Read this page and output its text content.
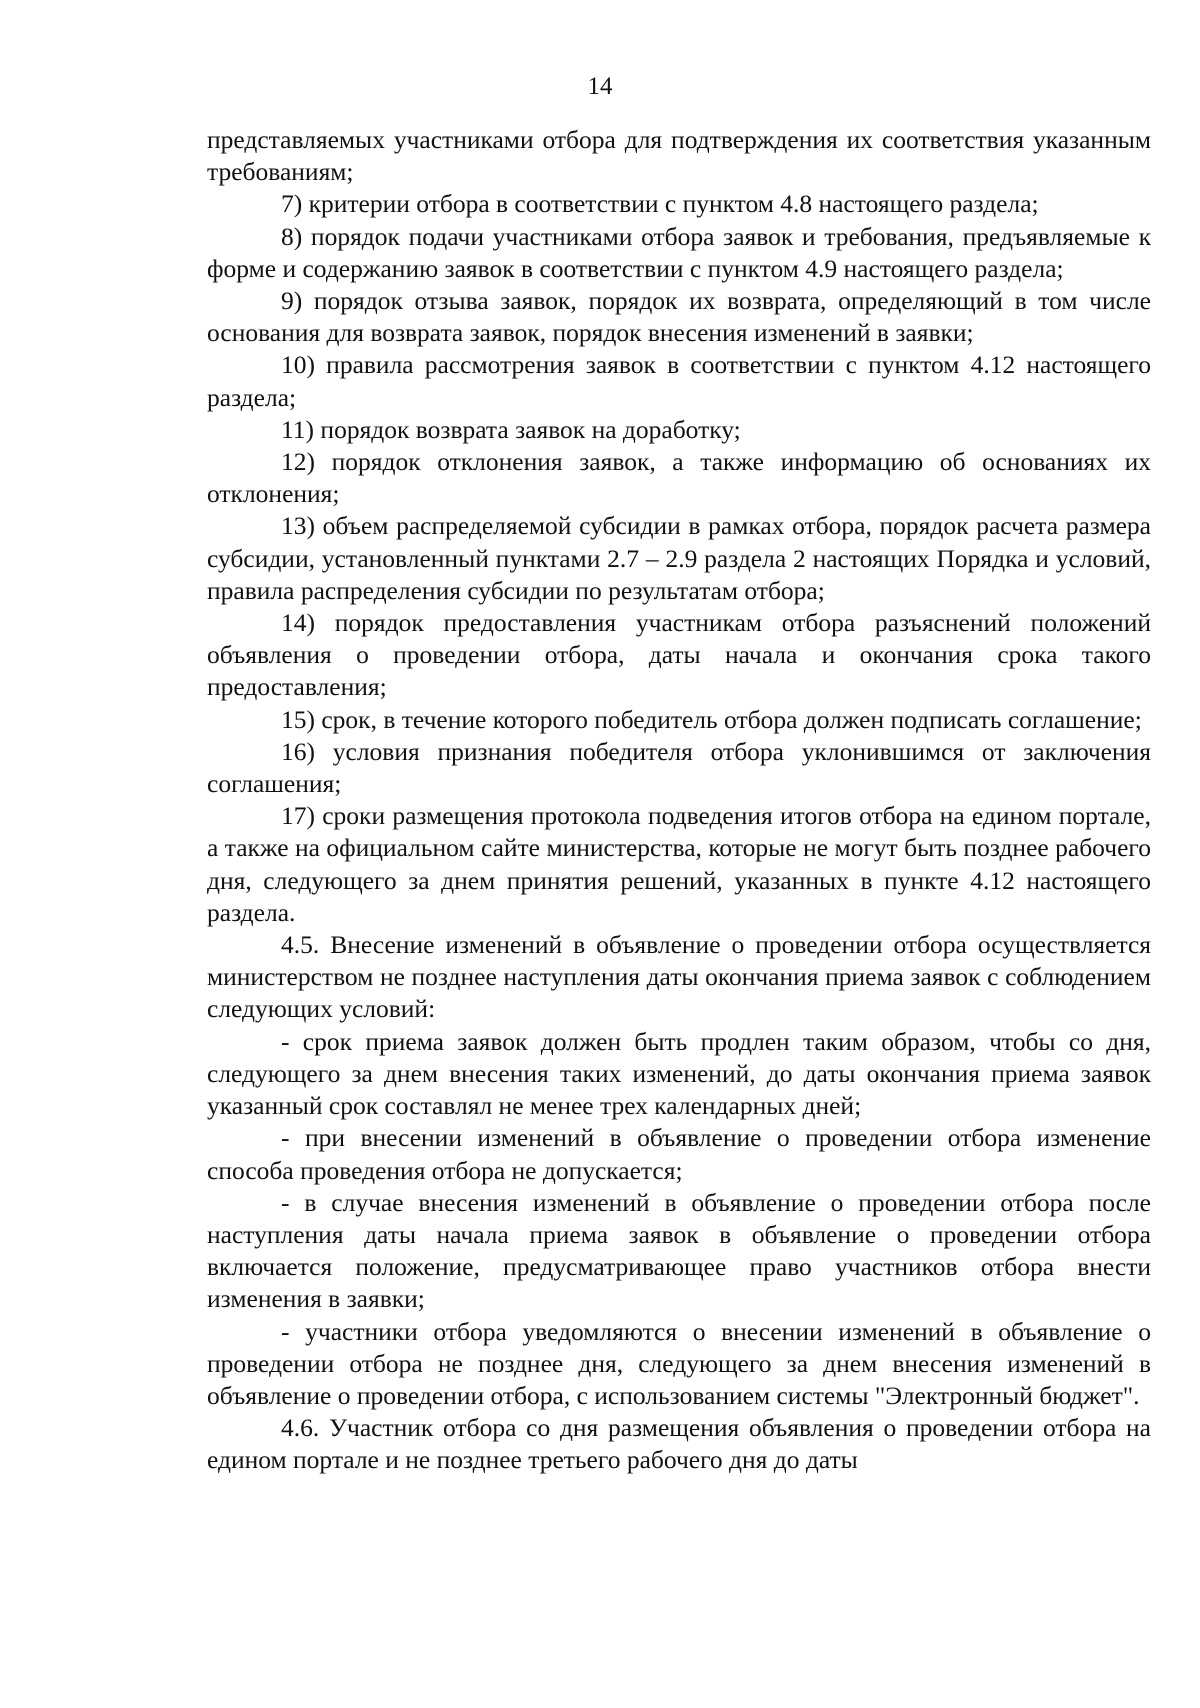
14

представляемых участниками отбора для подтверждения их соответствия указанным требованиям;

7) критерии отбора в соответствии с пунктом 4.8 настоящего раздела;

8) порядок подачи участниками отбора заявок и требования, предъявляемые к форме и содержанию заявок в соответствии с пунктом 4.9 настоящего раздела;

9) порядок отзыва заявок, порядок их возврата, определяющий в том числе основания для возврата заявок, порядок внесения изменений в заявки;

10) правила рассмотрения заявок в соответствии с пунктом 4.12 настоящего раздела;

11) порядок возврата заявок на доработку;

12) порядок отклонения заявок, а также информацию об основаниях их отклонения;

13) объем распределяемой субсидии в рамках отбора, порядок расчета размера субсидии, установленный пунктами 2.7 – 2.9 раздела 2 настоящих Порядка и условий, правила распределения субсидии по результатам отбора;

14) порядок предоставления участникам отбора разъяснений положений объявления о проведении отбора, даты начала и окончания срока такого предоставления;

15) срок, в течение которого победитель отбора должен подписать соглашение;

16) условия признания победителя отбора уклонившимся от заключения соглашения;

17) сроки размещения протокола подведения итогов отбора на едином портале, а также на официальном сайте министерства, которые не могут быть позднее рабочего дня, следующего за днем принятия решений, указанных в пункте 4.12 настоящего раздела.

4.5. Внесение изменений в объявление о проведении отбора осуществляется министерством не позднее наступления даты окончания приема заявок с соблюдением следующих условий:

- срок приема заявок должен быть продлен таким образом, чтобы со дня, следующего за днем внесения таких изменений, до даты окончания приема заявок указанный срок составлял не менее трех календарных дней;

- при внесении изменений в объявление о проведении отбора изменение способа проведения отбора не допускается;

- в случае внесения изменений в объявление о проведении отбора после наступления даты начала приема заявок в объявление о проведении отбора включается положение, предусматривающее право участников отбора внести изменения в заявки;

- участники отбора уведомляются о внесении изменений в объявление о проведении отбора не позднее дня, следующего за днем внесения изменений в объявление о проведении отбора, с использованием системы "Электронный бюджет".

4.6. Участник отбора со дня размещения объявления о проведении отбора на едином портале и не позднее третьего рабочего дня до даты
